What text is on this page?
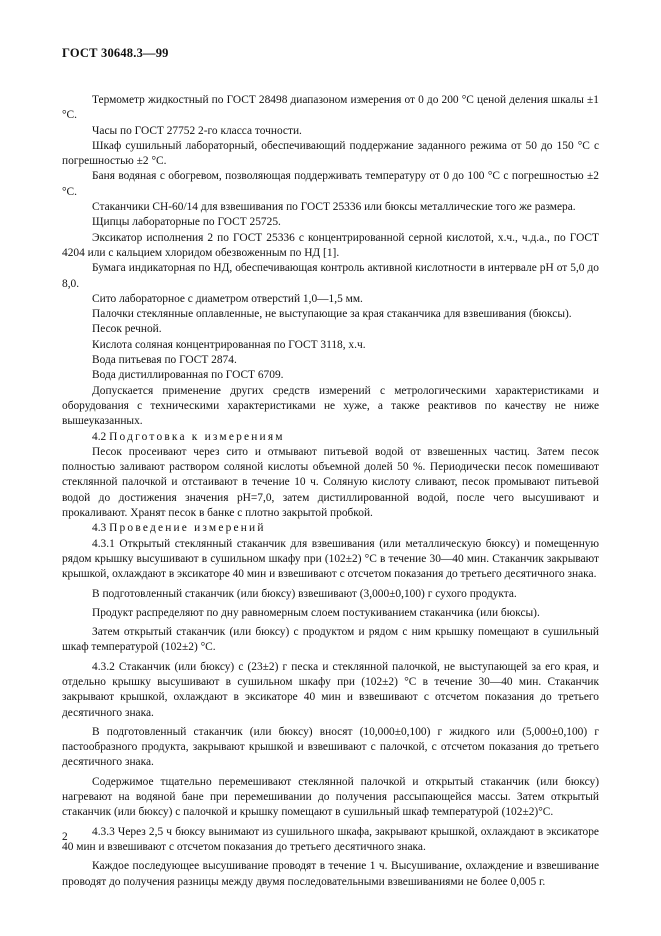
ГОСТ 30648.3—99

Термометр жидкостный по ГОСТ 28498 диапазоном измерения от 0 до 200 °С ценой деления шкалы ±1 °С.

Часы по ГОСТ 27752 2-го класса точности.

Шкаф сушильный лабораторный, обеспечивающий поддержание заданного режима от 50 до 150 °С с погрешностью ±2 °С.

Баня водяная с обогревом, позволяющая поддерживать температуру от 0 до 100 °С с погрешностью ±2 °С.

Стаканчики СН-60/14 для взвешивания по ГОСТ 25336 или бюксы металлические того же размера.

Щипцы лабораторные по ГОСТ 25725.

Эксикатор исполнения 2 по ГОСТ 25336 с концентрированной серной кислотой, х.ч., ч.д.а., по ГОСТ 4204 или с кальцием хлоридом обезвоженным по НД [1].

Бумага индикаторная по НД, обеспечивающая контроль активной кислотности в интервале рН от 5,0 до 8,0.

Сито лабораторное с диаметром отверстий 1,0—1,5 мм.

Палочки стеклянные оплавленные, не выступающие за края стаканчика для взвешивания (бюксы).

Песок речной.

Кислота соляная концентрированная по ГОСТ 3118, х.ч.

Вода питьевая по ГОСТ 2874.

Вода дистиллированная по ГОСТ 6709.

Допускается применение других средств измерений с метрологическими характеристиками и оборудования с техническими характеристиками не хуже, а также реактивов по качеству не ниже вышеуказанных.

4.2 Подготовка к измерениям

Песок просеивают через сито и отмывают питьевой водой от взвешенных частиц. Затем песок полностью заливают раствором соляной кислоты объемной долей 50 %. Периодически песок помешивают стеклянной палочкой и отстаивают в течение 10 ч. Соляную кислоту сливают, песок промывают питьевой водой до достижения значения рН=7,0, затем дистиллированной водой, после чего высушивают и прокаливают. Хранят песок в банке с плотно закрытой пробкой.

4.3 Проведение измерений

4.3.1 Открытый стеклянный стаканчик для взвешивания (или металлическую бюксу) и помещенную рядом крышку высушивают в сушильном шкафу при (102±2) °С в течение 30—40 мин. Стаканчик закрывают крышкой, охлаждают в эксикаторе 40 мин и взвешивают с отсчетом показания до третьего десятичного знака.

В подготовленный стаканчик (или бюксу) взвешивают (3,000±0,100) г сухого продукта.

Продукт распределяют по дну равномерным слоем постукиванием стаканчика (или бюксы).

Затем открытый стаканчик (или бюксу) с продуктом и рядом с ним крышку помещают в сушильный шкаф температурой (102±2) °С.

4.3.2 Стаканчик (или бюксу) с (23±2) г песка и стеклянной палочкой, не выступающей за его края, и отдельно крышку высушивают в сушильном шкафу при (102±2) °С в течение 30—40 мин. Стаканчик закрывают крышкой, охлаждают в эксикаторе 40 мин и взвешивают с отсчетом показания до третьего десятичного знака.

В подготовленный стаканчик (или бюксу) вносят (10,000±0,100) г жидкого или (5,000±0,100) г пастообразного продукта, закрывают крышкой и взвешивают с палочкой, с отсчетом показания до третьего десятичного знака.

Содержимое тщательно перемешивают стеклянной палочкой и открытый стаканчик (или бюксу) нагревают на водяной бане при перемешивании до получения рассыпающейся массы. Затем открытый стаканчик (или бюксу) с палочкой и крышку помещают в сушильный шкаф температурой (102±2)°С.

4.3.3 Через 2,5 ч бюксу вынимают из сушильного шкафа, закрывают крышкой, охлаждают в эксикаторе 40 мин и взвешивают с отсчетом показания до третьего десятичного знака.

Каждое последующее высушивание проводят в течение 1 ч. Высушивание, охлаждение и взвешивание проводят до получения разницы между двумя последовательными взвешиваниями не более 0,005 г.

2
